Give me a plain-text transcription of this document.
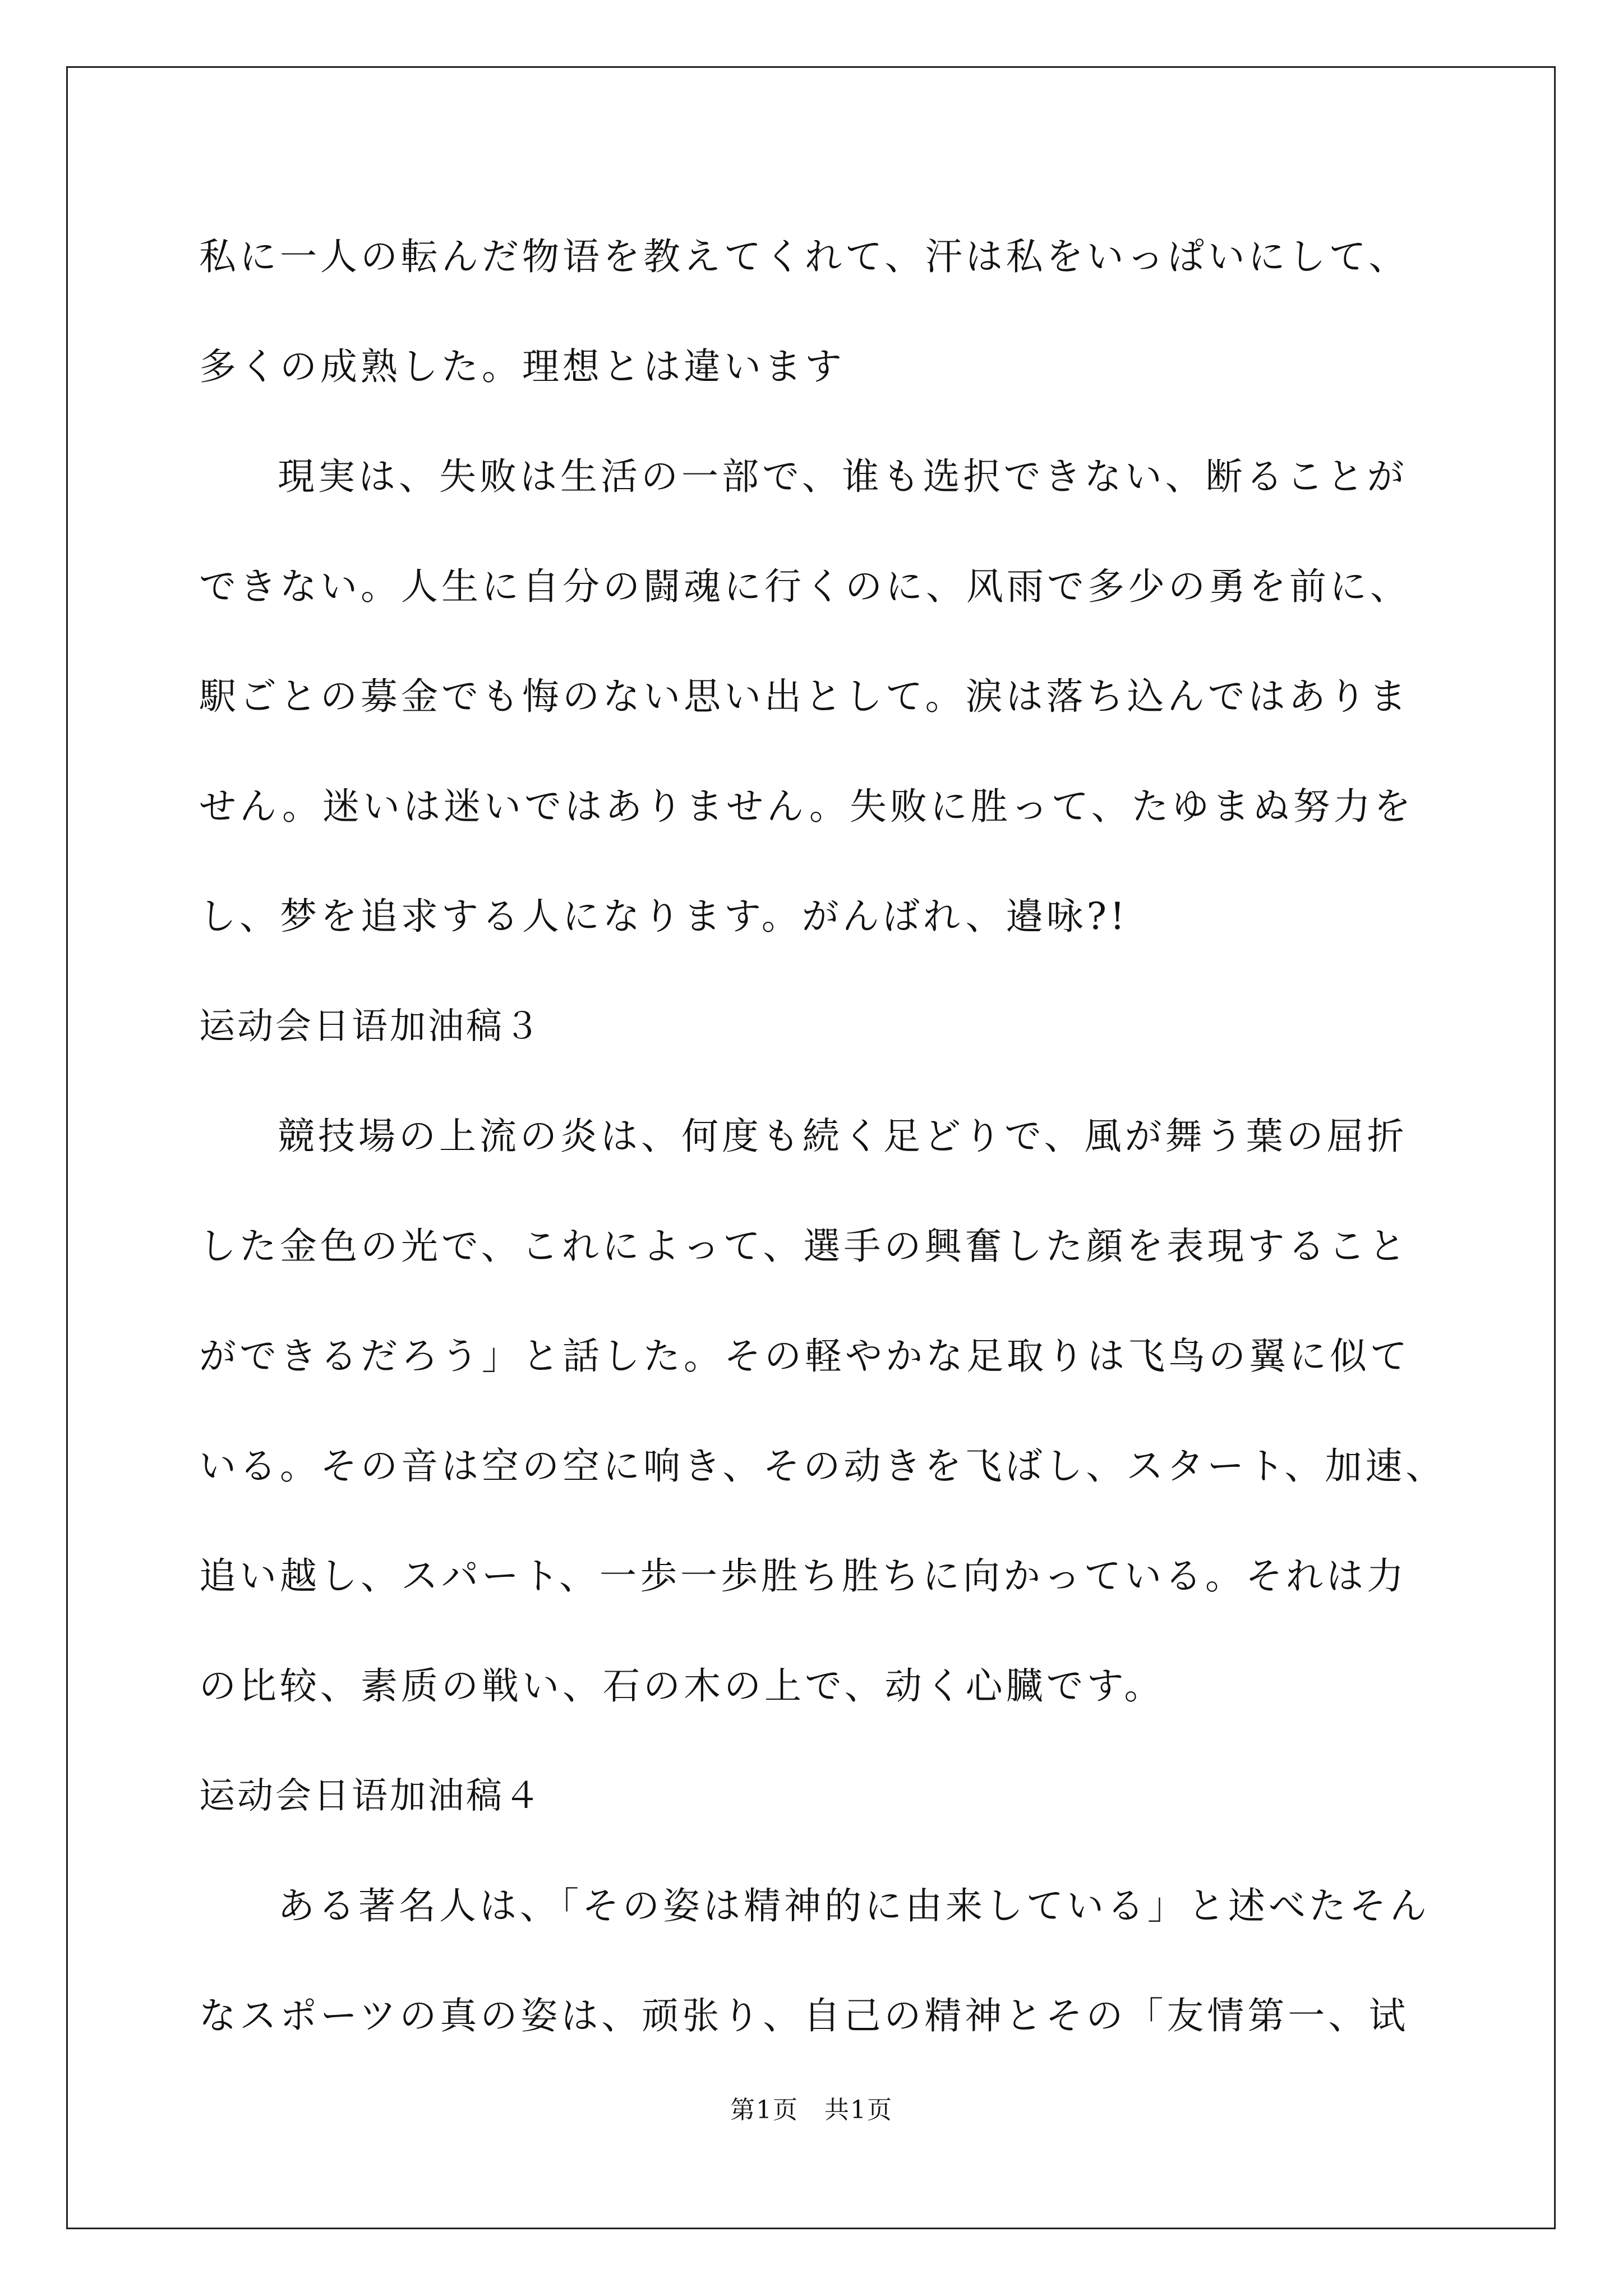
私に一人の転んだ物语を教えてくれて、汗は私をいっぱいにして、
多くの成熟した。理想とは違います
現実は、失败は生活の一部で、谁も选択できない、断ることが
できない。人生に自分の闘魂に行くのに、风雨で多少の勇を前に、
駅ごとの募金でも悔のない思い出として。涙は落ち込んではありま
せん。迷いは迷いではありません。失败に胜って、たゆまぬ努力を
し、梦を追求する人になります。がんばれ、邉咏?!
运动会日语加油稿３
競技場の上流の炎は、何度も続く足どりで、風が舞う葉の屈折
した金色の光で、これによって、選手の興奮した顔を表現すること
ができるだろう」と話した。その軽やかな足取りは飞鸟の翼に似て
いる。その音は空の空に响き、その动きを飞ばし、スタート、加速、
追い越し、スパート、一歩一歩胜ち胜ちに向かっている。それは力
の比较、素质の戦い、石の木の上で、动く心臓です。
运动会日语加油稿４
ある著名人は、「その姿は精神的に由来している」と述べたそん
なスポーツの真の姿は、顽张り、自己の精神とその「友情第一、试
第1页　共1页
